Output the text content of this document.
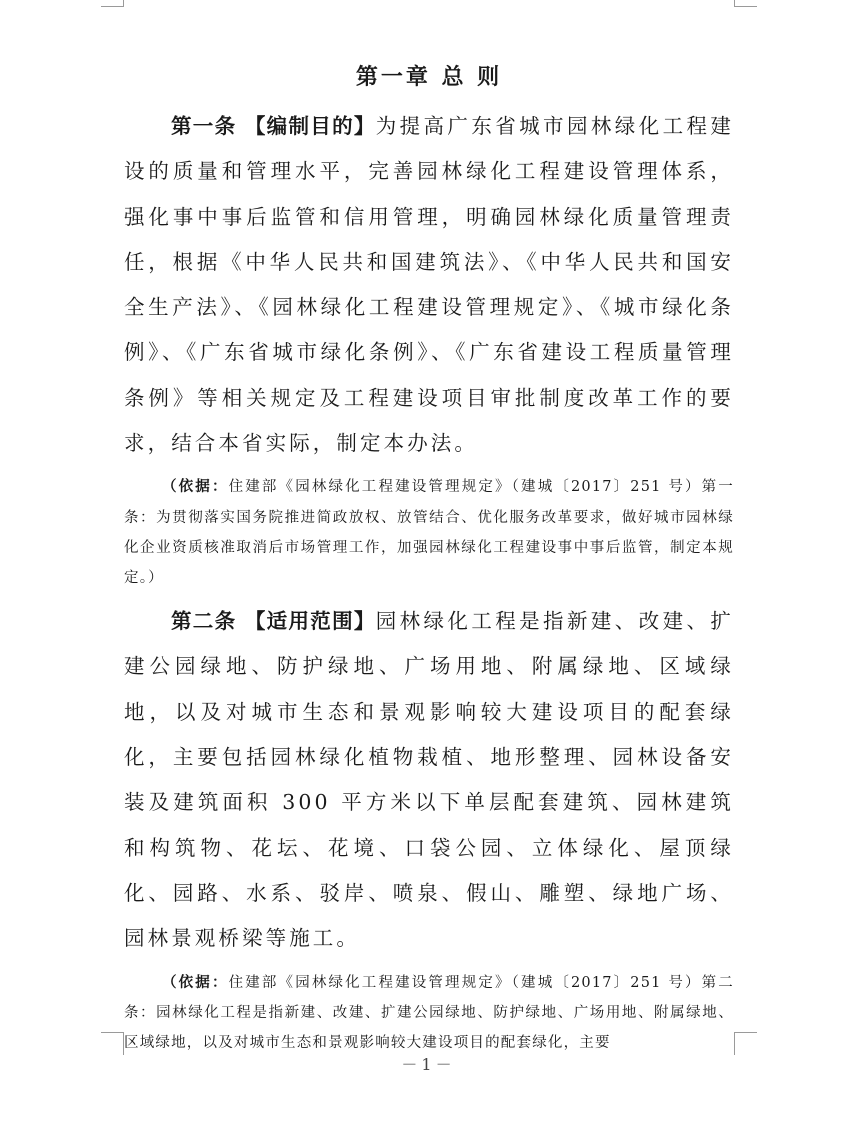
第一章 总 则

第一条 【编制目的】为提高广东省城市园林绿化工程建设的质量和管理水平，完善园林绿化工程建设管理体系，强化事中事后监管和信用管理，明确园林绿化质量管理责任，根据《中华人民共和国建筑法》、《中华人民共和国安全生产法》、《园林绿化工程建设管理规定》、《城市绿化条例》、《广东省城市绿化条例》、《广东省建设工程质量管理条例》等相关规定及工程建设项目审批制度改革工作的要求，结合本省实际，制定本办法。

（依据：住建部《园林绿化工程建设管理规定》（建城〔2017〕251 号）第一条：为贯彻落实国务院推进简政放权、放管结合、优化服务改革要求，做好城市园林绿化企业资质核准取消后市场管理工作，加强园林绿化工程建设事中事后监管，制定本规定。）

第二条 【适用范围】园林绿化工程是指新建、改建、扩建公园绿地、防护绿地、广场用地、附属绿地、区域绿地，以及对城市生态和景观影响较大建设项目的配套绿化，主要包括园林绿化植物栽植、地形整理、园林设备安装及建筑面积 300 平方米以下单层配套建筑、园林建筑和构筑物、花坛、花境、口袋公园、立体绿化、屋顶绿化、园路、水系、驳岸、喷泉、假山、雕塑、绿地广场、园林景观桥梁等施工。

（依据：住建部《园林绿化工程建设管理规定》（建城〔2017〕251 号）第二条：园林绿化工程是指新建、改建、扩建公园绿地、防护绿地、广场用地、附属绿地、区域绿地，以及对城市生态和景观影响较大建设项目的配套绿化，主要

－1－
